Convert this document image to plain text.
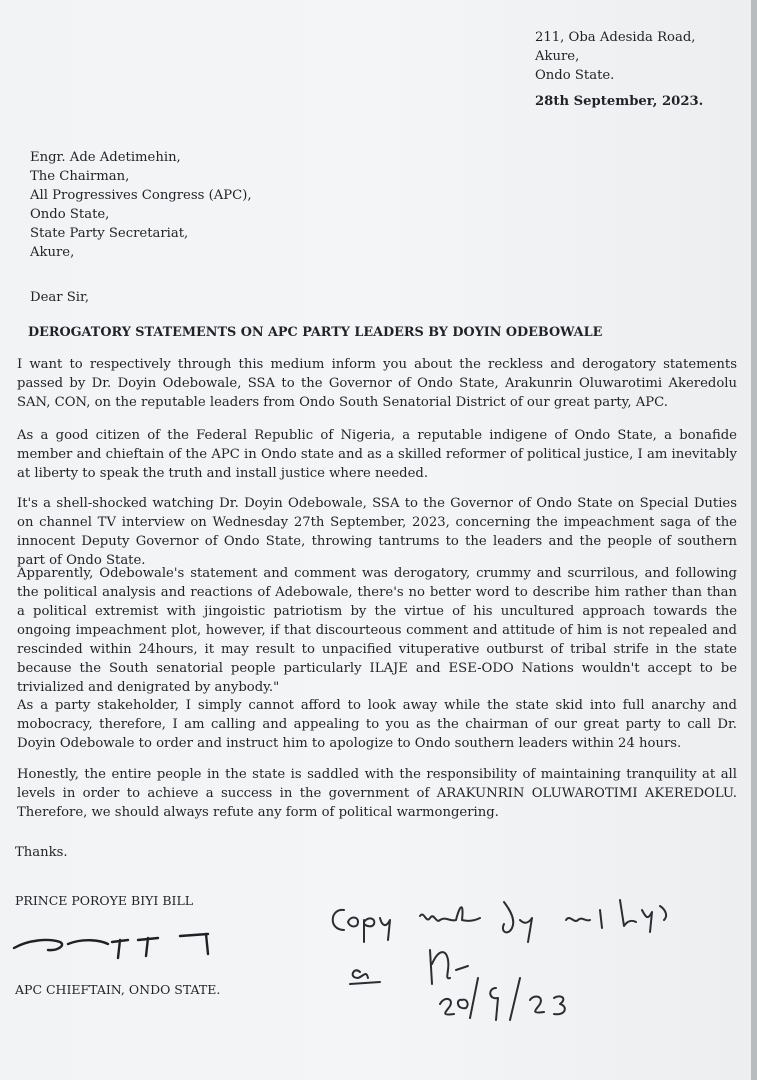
211, Oba Adesida Road,
Akure,
Ondo State.
28th September, 2023.
Engr. Ade Adetimehin,
The Chairman,
All Progressives Congress (APC),
Ondo State,
State Party Secretariat,
Akure,
Dear Sir,
DEROGATORY STATEMENTS ON APC PARTY LEADERS BY DOYIN ODEBOWALE
I want to respectively through this medium inform you about the reckless and derogatory statements passed by Dr. Doyin Odebowale, SSA to the Governor of Ondo State, Arakunrin Oluwarotimi Akeredolu SAN, CON, on the reputable leaders from Ondo South Senatorial District of our great party, APC.
As a good citizen of the Federal Republic of Nigeria, a reputable indigene of Ondo State, a bonafide member and chieftain of the APC in Ondo state and as a skilled reformer of political justice, I am inevitably at liberty to speak the truth and install justice where needed.
It's a shell-shocked watching Dr. Doyin Odebowale, SSA to the Governor of Ondo State on Special Duties on channel TV interview on Wednesday 27th September, 2023, concerning the impeachment saga of the innocent Deputy Governor of Ondo State, throwing tantrums to the leaders and the people of southern part of Ondo State.
Apparently, Odebowale's statement and comment was derogatory, crummy and scurrilous, and following the political analysis and reactions of Adebowale, there's no better word to describe him rather than than a political extremist with jingoistic patriotism by the virtue of his uncultured approach towards the ongoing impeachment plot, however, if that discourteous comment and attitude of him is not repealed and rescinded within 24hours, it may result to unpacified vituperative outburst of tribal strife in the state because the South senatorial people particularly ILAJE and ESE-ODO Nations wouldn't accept to be trivialized and denigrated by anybody."
As a party stakeholder, I simply cannot afford to look away while the state skid into full anarchy and mobocracy, therefore, I am calling and appealing to you as the chairman of our great party to call Dr. Doyin Odebowale to order and instruct him to apologize to Ondo southern leaders within 24 hours.
Honestly, the entire people in the state is saddled with the responsibility of maintaining tranquility at all levels in order to achieve a success in the government of ARAKUNRIN OLUWAROTIMI AKEREDOLU. Therefore, we should always refute any form of political warmongering.
Thanks.
PRINCE POROYE BIYI BILL
APC CHIEFTAIN, ONDO STATE.
